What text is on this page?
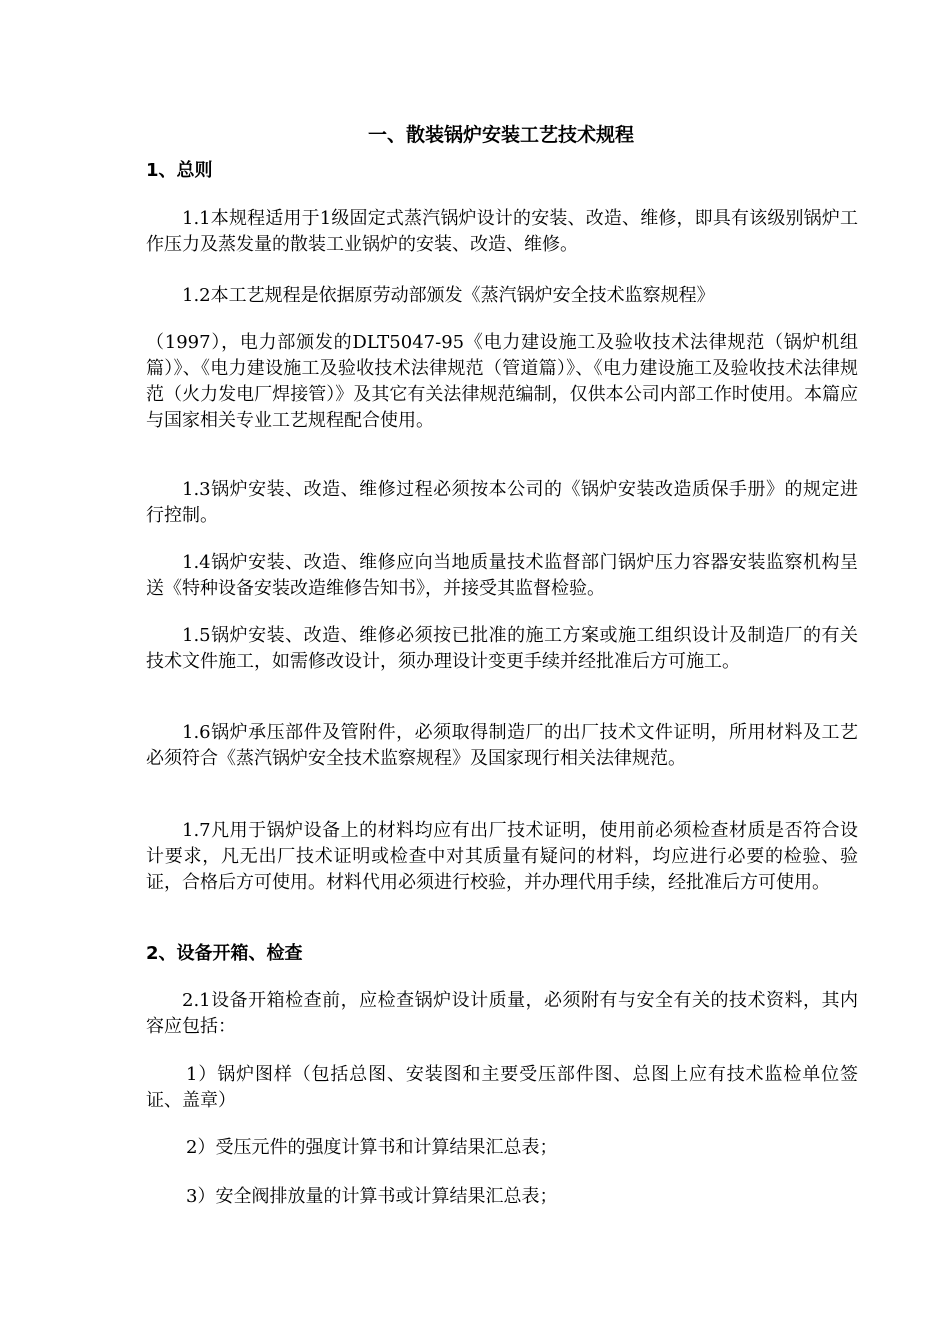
一、散装锅炉安装工艺技术规程
1、总则
1.1本规程适用于1级固定式蒸汽锅炉设计的安装、改造、维修，即具有该级别锅炉工作压力及蒸发量的散装工业锅炉的安装、改造、维修。
1.2本工艺规程是依据原劳动部颁发《蒸汽锅炉安全技术监察规程》
（1997），电力部颁发的DLT5047-95《电力建设施工及验收技术法律规范（锅炉机组篇）》、《电力建设施工及验收技术法律规范（管道篇）》、《电力建设施工及验收技术法律规范（火力发电厂焊接管）》及其它有关法律规范编制，仅供本公司内部工作时使用。本篇应与国家相关专业工艺规程配合使用。
1.3锅炉安装、改造、维修过程必须按本公司的《锅炉安装改造质保手册》的规定进行控制。
1.4锅炉安装、改造、维修应向当地质量技术监督部门锅炉压力容器安装监察机构呈送《特种设备安装改造维修告知书》，并接受其监督检验。
1.5锅炉安装、改造、维修必须按已批准的施工方案或施工组织设计及制造厂的有关技术文件施工，如需修改设计，须办理设计变更手续并经批准后方可施工。
1.6锅炉承压部件及管附件，必须取得制造厂的出厂技术文件证明，所用材料及工艺必须符合《蒸汽锅炉安全技术监察规程》及国家现行相关法律规范。
1.7凡用于锅炉设备上的材料均应有出厂技术证明，使用前必须检查材质是否符合设计要求，凡无出厂技术证明或检查中对其质量有疑问的材料，均应进行必要的检验、验证，合格后方可使用。材料代用必须进行校验，并办理代用手续，经批准后方可使用。
2、设备开箱、检查
2.1设备开箱检查前，应检查锅炉设计质量，必须附有与安全有关的技术资料，其内容应包括：
1）锅炉图样（包括总图、安装图和主要受压部件图、总图上应有技术监检单位签证、盖章）
2）受压元件的强度计算书和计算结果汇总表；
3）安全阀排放量的计算书或计算结果汇总表；
